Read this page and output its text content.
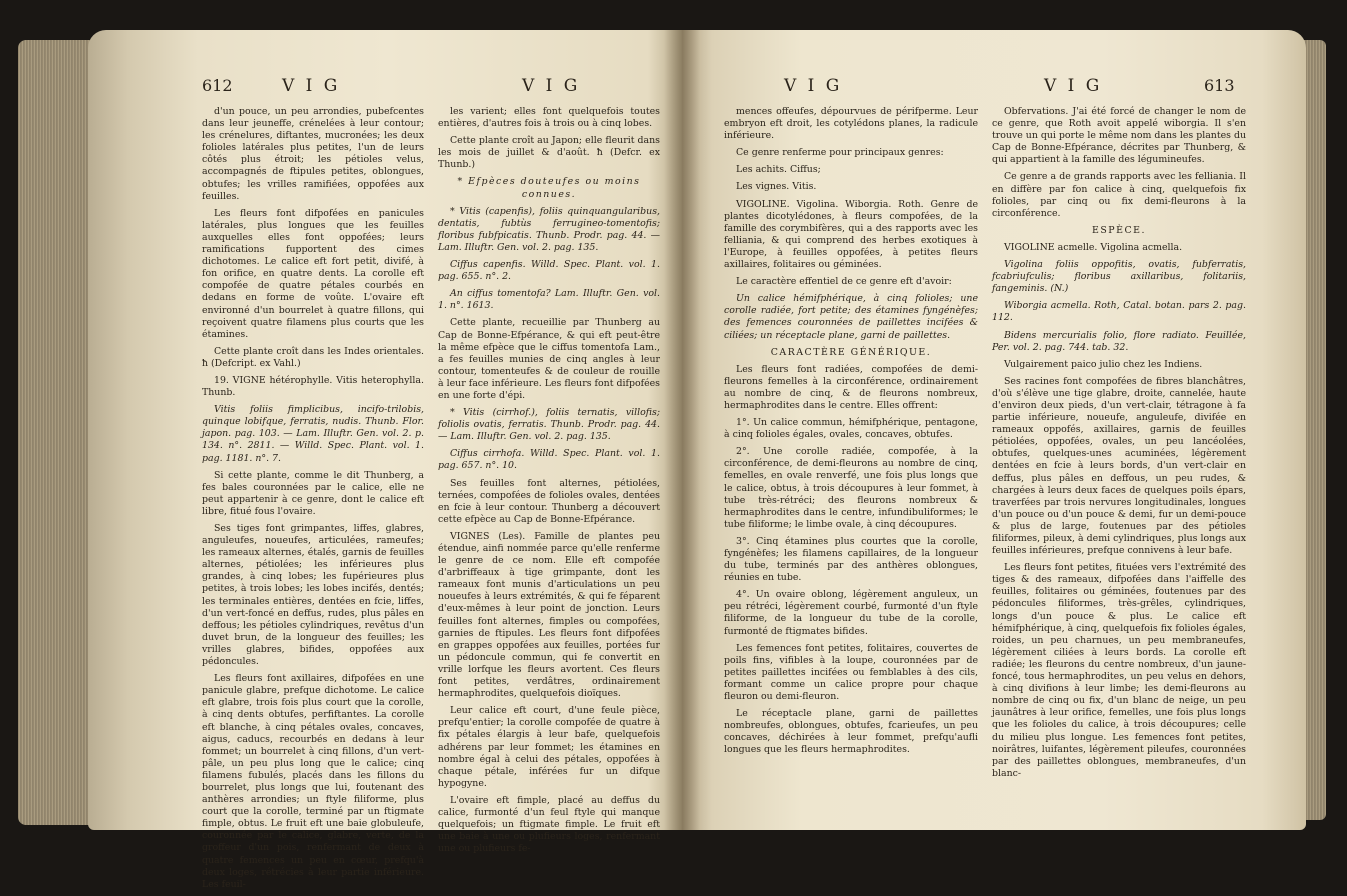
612	V I G	V I G

d'un pouce, un peu arrondies, pubefcentes dans leur jeuneffe, crénelées à leur contour; les crénelures, diftantes, mucronées; les deux folioles latérales plus petites, l'un de leurs côtés plus étroit; les pétioles velus, accompagnés de ftipules petites, oblongues, obtufes; les vrilles ramifiées, oppofées aux feuilles.

Les fleurs font difpofées en panicules latérales, plus longues que les feuilles auxquelles elles font oppofées; leurs ramifications fupportent des cimes dichotomes. Le calice eft fort petit, divifé, à fon orifice, en quatre dents. La corolle eft compofée de quatre pétales courbés en dedans en forme de voûte. L'ovaire eft environné d'un bourrelet à quatre fillons, qui reçoivent quatre filamens plus courts que les étamines.

Cette plante croît dans les Indes orientales. ħ (Defcript. ex Vahl.)

19. VIGNE hétérophylle. Vitis heterophylla. Thunb.

Vitis foliis fimplicibus, incifo-trilobis, quinque lobifque, ferratis, nudis. Thunb. Flor. japon. pag. 103. — Lam. Illuftr. Gen. vol. 2. p. 134. n°. 2811. — Willd. Spec. Plant. vol. 1. pag. 1181. n°. 7.

Si cette plante, comme le dit Thunberg, a fes bales couronnées par le calice, elle ne peut appartenir à ce genre, dont le calice eft libre, fitué fous l'ovaire.

Ses tiges font grimpantes, liffes, glabres, anguleufes, noueufes, articulées, rameufes; les rameaux alternes, étalés, garnis de feuilles alternes, pétiolées; les inférieures plus grandes, à cinq lobes; les fupérieures plus petites, à trois lobes; les lobes incifés, dentés; les terminales entières, dentées en fcie, liffes, d'un vert-foncé en deffus, rudes, plus pâles en deffous; les pétioles cylindriques, revêtus d'un duvet brun, de la longueur des feuilles; les vrilles glabres, bifides, oppofées aux pédoncules.

Les fleurs font axillaires, difpofées en une panicule glabre, prefque dichotome. Le calice eft glabre, trois fois plus court que la corolle, à cinq dents obtufes, perfiftantes. La corolle eft blanche, à cinq pétales ovales, concaves, aigus, caducs, recourbés en dedans à leur fommet; un bourrelet à cinq fillons, d'un vert-pâle, un peu plus long que le calice; cinq filamens fubulés, placés dans les fillons du bourrelet, plus longs que lui, foutenant des anthères arrondies; un ftyle filiforme, plus court que la corolle, terminé par un ftigmate fimple, obtus. Le fruit eft une baie globuleufe, couronnée par le calice, glabre, verte, de la groffeur d'un pois, renfermant de deux à quatre femences un peu en cœur, prefqu'à deux loges, rétrécies à leur partie inférieure. Les feuil-

les varient; elles font quelquefois toutes entières, d'autres fois à trois ou à cinq lobes.

Cette plante croît au Japon; elle fleurit dans les mois de juillet & d'août. ħ (Defcr. ex Thunb.)

* Efpèces douteufes ou moins connues.

* Vitis (capenfis), foliis quinquangularibus, dentatis, fubtùs ferrugineo-tomentofis; floribus fubfpicatis. Thunb. Prodr. pag. 44. — Lam. Illuftr. Gen. vol. 2. pag. 135.

Ciffus capenfis. Willd. Spec. Plant. vol. 1. pag. 655. n°. 2.

An ciffus tomentofa? Lam. Illuftr. Gen. vol. 1. n°. 1613.

Cette plante, recueillie par Thunberg au Cap de Bonne-Efpérance, & qui eft peut-être la même efpèce que le ciffus tomentofa Lam., a fes feuilles munies de cinq angles à leur contour, tomenteufes & de couleur de rouille à leur face inférieure. Les fleurs font difpofées en une forte d'épi.

* Vitis (cirrhof.), foliis ternatis, villofis; foliolis ovatis, ferratis. Thunb. Prodr. pag. 44. — Lam. Illuftr. Gen. vol. 2. pag. 135.

Ciffus cirrhofa. Willd. Spec. Plant. vol. 1. pag. 657. n°. 10.

Ses feuilles font alternes, pétiolées, ternées, compofées de folioles ovales, dentées en fcie à leur contour. Thunberg a découvert cette efpèce au Cap de Bonne-Efpérance.

VIGNES (Les). Famille de plantes peu étendue, ainfi nommée parce qu'elle renferme le genre de ce nom. Elle eft compofée d'arbriffeaux à tige grimpante, dont les rameaux font munis d'articulations un peu noueufes à leurs extrémités, & qui fe féparent d'eux-mêmes à leur point de jonction. Leurs feuilles font alternes, fimples ou compofées, garnies de ftipules. Les fleurs font difpofées en grappes oppofées aux feuilles, portées fur un pédoncule commun, qui fe convertit en vrille lorfque les fleurs avortent. Ces fleurs font petites, verdâtres, ordinairement hermaphrodites, quelquefois dioïques.

Leur calice eft court, d'une feule pièce, prefqu'entier; la corolle compofée de quatre à fix pétales élargis à leur bafe, quelquefois adhérens par leur fommet; les étamines en nombre égal à celui des pétales, oppofées à chaque pétale, inférées fur un difque hypogyne.

L'ovaire eft fimple, placé au deffus du calice, furmonté d'un feul ftyle qui manque quelquefois; un ftigmate fimple. Le fruit eft une baie à une ou plufieurs loges, renfermant une ou plufieurs fe-

V I G	V I G	613

mences offeufes, dépourvues de périfperme. Leur embryon eft droit, les cotylédons planes, la radicule inférieure.

Ce genre renferme pour principaux genres:

Les achits. Ciffus;

Les vignes. Vitis.

VIGOLINE. Vigolina. Wiborgia. Roth. Genre de plantes dicotylédones, à fleurs compofées, de la famille des corymbifères, qui a des rapports avec les felliania, & qui comprend des herbes exotiques à l'Europe, à feuilles oppofées, à petites fleurs axillaires, folitaires ou géminées.

Le caractère effentiel de ce genre eft d'avoir:

Un calice hémifphérique, à cinq folioles; une corolle radiée, fort petite; des étamines fyngénèfes; des femences couronnées de paillettes incifées & ciliées; un réceptacle plane, garni de paillettes.

CARACTÈRE GÉNÉRIQUE.

Les fleurs font radiées, compofées de demi-fleurons femelles à la circonférence, ordinairement au nombre de cinq, & de fleurons nombreux, hermaphrodites dans le centre. Elles offrent:

1°. Un calice commun, hémifphérique, pentagone, à cinq folioles égales, ovales, concaves, obtufes.

2°. Une corolle radiée, compofée, à la circonférence, de demi-fleurons au nombre de cinq, femelles, en ovale renverfé, une fois plus longs que le calice, obtus, à trois découpures à leur fommet, à tube très-rétréci; des fleurons nombreux & hermaphrodites dans le centre, infundibuliformes; le tube filiforme; le limbe ovale, à cinq découpures.

3°. Cinq étamines plus courtes que la corolle, fyngénèfes; les filamens capillaires, de la longueur du tube, terminés par des anthères oblongues, réunies en tube.

4°. Un ovaire oblong, légèrement anguleux, un peu rétréci, légèrement courbé, furmonté d'un ftyle filiforme, de la longueur du tube de la corolle, furmonté de ftigmates bifides.

Les femences font petites, folitaires, couvertes de poils fins, vifibles à la loupe, couronnées par de petites paillettes incifées ou femblables à des cils, formant comme un calice propre pour chaque fleuron ou demi-fleuron.

Le réceptacle plane, garni de paillettes nombreufes, oblongues, obtufes, fcarieufes, un peu concaves, déchirées à leur fommet, prefqu'aufli longues que les fleurs hermaphrodites.

Obfervations. J'ai été forcé de changer le nom de ce genre, que Roth avoit appelé wiborgia. Il s'en trouve un qui porte le même nom dans les plantes du Cap de Bonne-Efpérance, décrites par Thunberg, & qui appartient à la famille des légumineufes.

Ce genre a de grands rapports avec les felliania. Il en diffère par fon calice à cinq, quelquefois fix folioles, par cinq ou fix demi-fleurons à la circonférence.

ESPÈCE.

VIGOLINE acmelle. Vigolina acmella.

Vigolina foliis oppofitis, ovatis, fubferratis, fcabriufculis; floribus axillaribus, folitariis, fangeminis. (N.)

Wiborgia acmella. Roth, Catal. botan. pars 2. pag. 112.

Bidens mercurialis folio, flore radiato. Feuillée, Per. vol. 2. pag. 744. tab. 32.

Vulgairement paico julio chez les Indiens.

Ses racines font compofées de fibres blanchâtres, d'où s'élève une tige glabre, droite, cannelée, haute d'environ deux pieds, d'un vert-clair, tétragone à fa partie inférieure, noueufe, anguleufe, divifée en rameaux oppofés, axillaires, garnis de feuilles pétiolées, oppofées, ovales, un peu lancéolées, obtufes, quelques-unes acuminées, légèrement dentées en fcie à leurs bords, d'un vert-clair en deffus, plus pâles en deffous, un peu rudes, & chargées à leurs deux faces de quelques poils épars, traverfées par trois nervures longitudinales, longues d'un pouce ou d'un pouce & demi, fur un demi-pouce & plus de large, foutenues par des pétioles filiformes, pileux, à demi cylindriques, plus longs aux feuilles inférieures, prefque connivens à leur bafe.

Les fleurs font petites, fituées vers l'extrémité des tiges & des rameaux, difpofées dans l'aiffelle des feuilles, folitaires ou géminées, foutenues par des pédoncules filiformes, très-grêles, cylindriques, longs d'un pouce & plus. Le calice eft hémifphérique, à cinq, quelquefois fix folioles égales, roides, un peu charnues, un peu membraneufes, légèrement ciliées à leurs bords. La corolle eft radiée; les fleurons du centre nombreux, d'un jaune-foncé, tous hermaphrodites, un peu velus en dehors, à cinq divifions à leur limbe; les demi-fleurons au nombre de cinq ou fix, d'un blanc de neige, un peu jaunâtres à leur orifice, femelles, une fois plus longs que les folioles du calice, à trois découpures; celle du milieu plus longue. Les femences font petites, noirâtres, luifantes, légèrement pileufes, couronnées par des paillettes oblongues, membraneufes, d'un blanc-
